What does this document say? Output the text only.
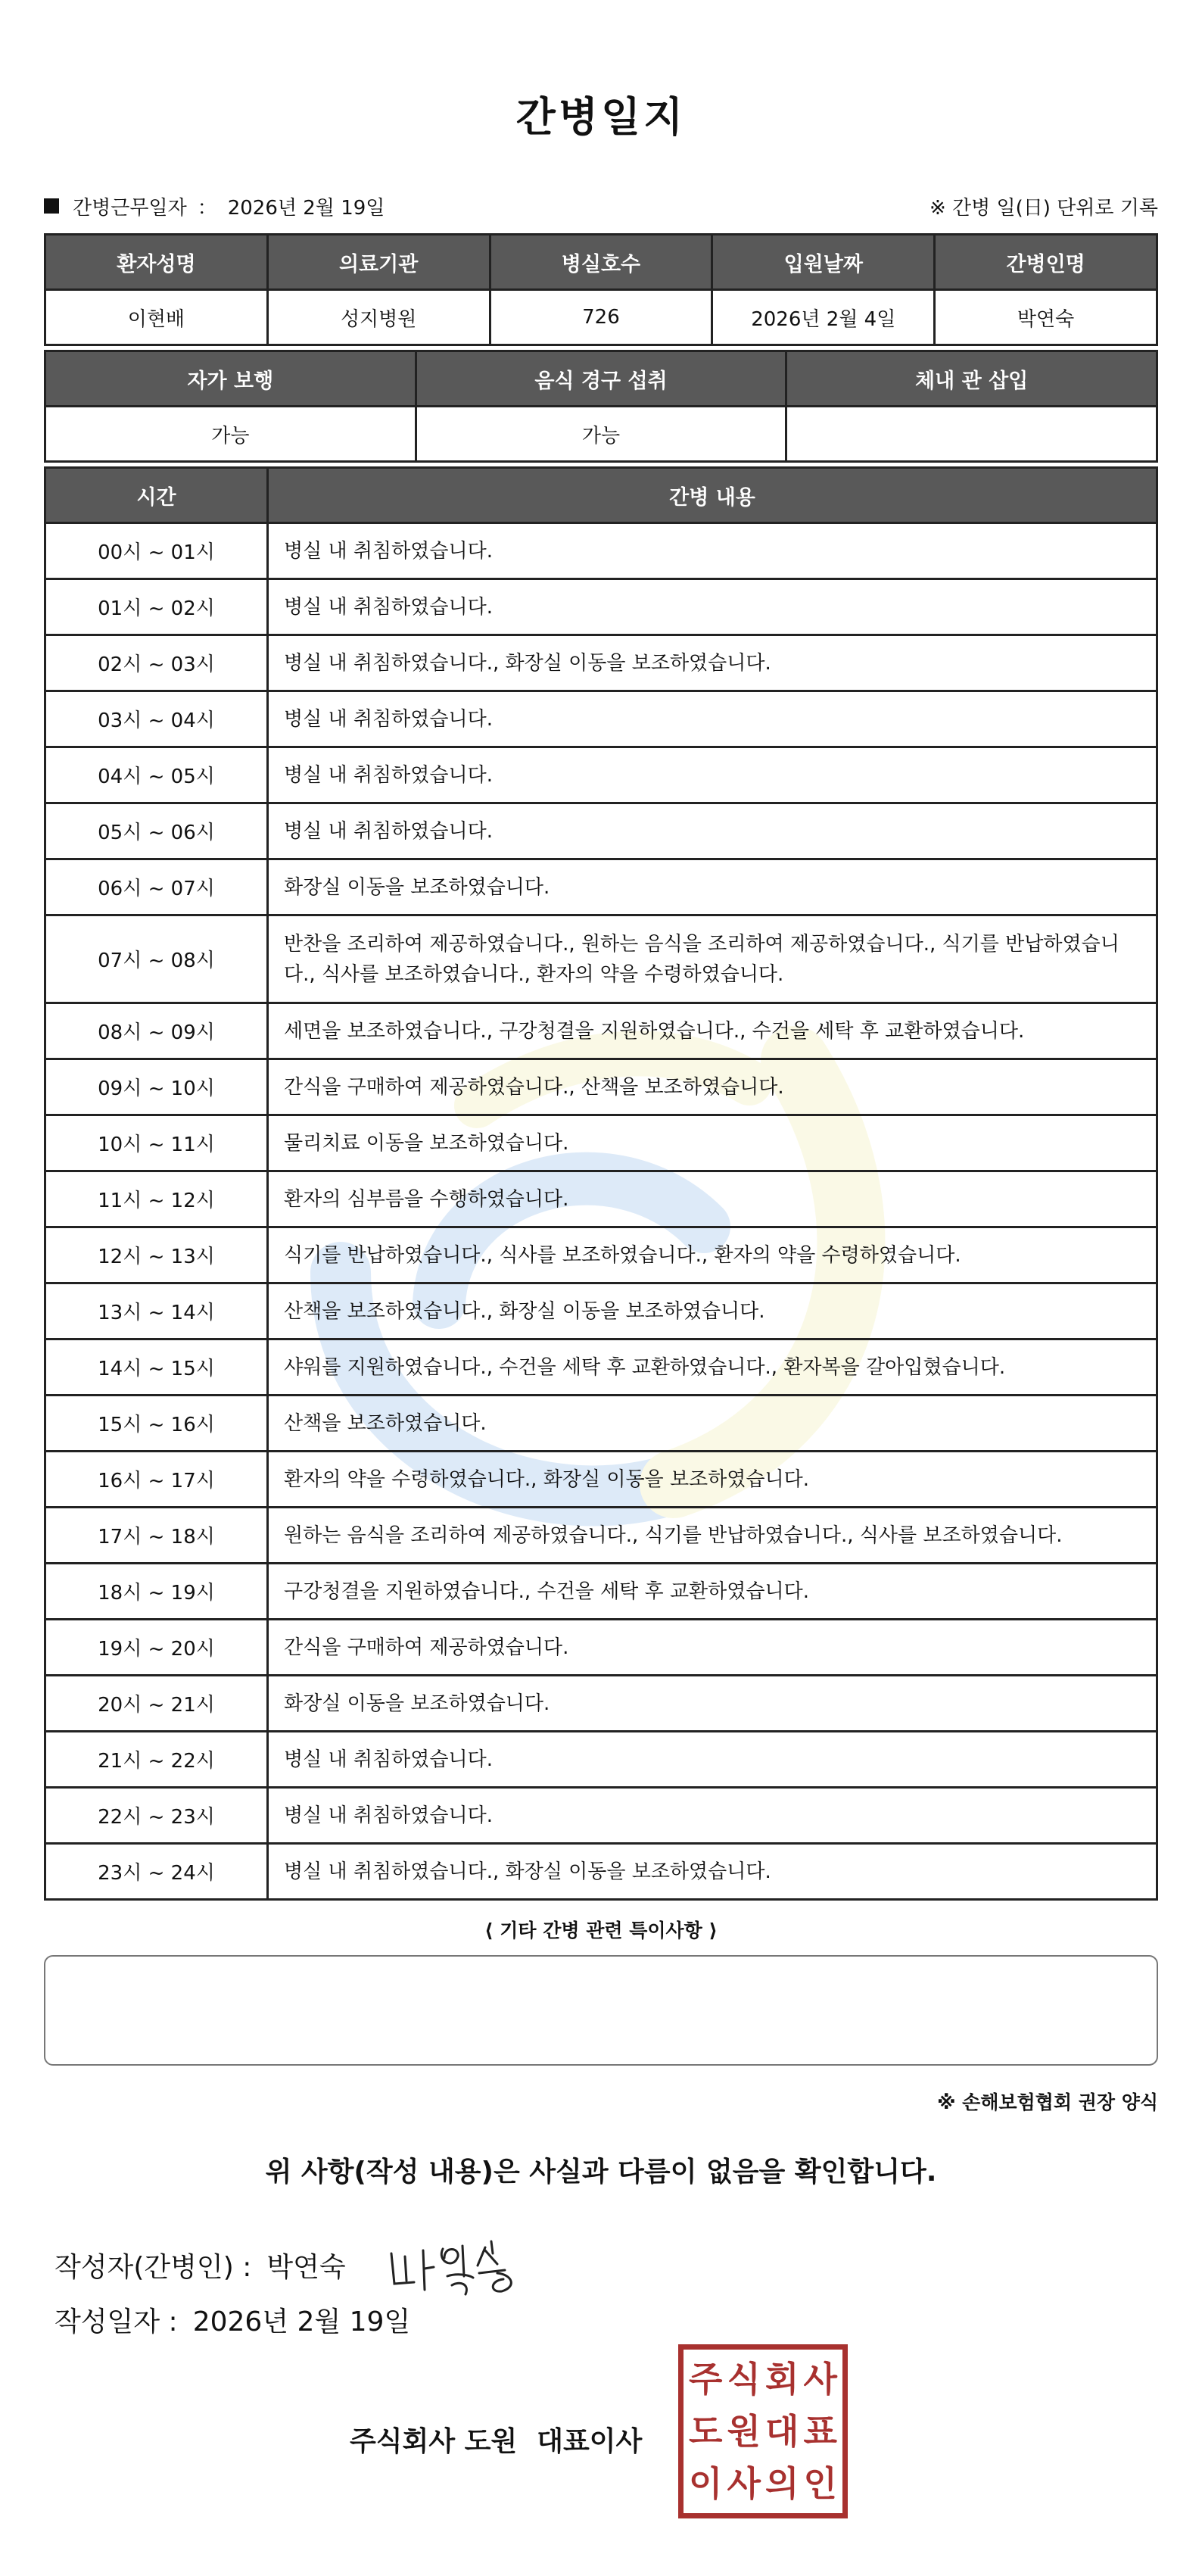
간병일지
간병근무일자 ： 2026년 2월 19일	※ 간병 일(日) 단위로 기록
환자성명	의료기관	병실호수	입원날짜	간병인명
이현배	성지병원	726	2026년 2월 4일	박연숙
자가 보행	음식 경구 섭취	체내 관 삽입
가능	가능	
시간	간병 내용
00시 ~ 01시	병실 내 취침하였습니다.
01시 ~ 02시	병실 내 취침하였습니다.
02시 ~ 03시	병실 내 취침하였습니다., 화장실 이동을 보조하였습니다.
03시 ~ 04시	병실 내 취침하였습니다.
04시 ~ 05시	병실 내 취침하였습니다.
05시 ~ 06시	병실 내 취침하였습니다.
06시 ~ 07시	화장실 이동을 보조하였습니다.
07시 ~ 08시	반찬을 조리하여 제공하였습니다., 원하는 음식을 조리하여 제공하였습니다., 식기를 반납하였습니다., 식사를 보조하였습니다., 환자의 약을 수령하였습니다.
08시 ~ 09시	세면을 보조하였습니다., 구강청결을 지원하였습니다., 수건을 세탁 후 교환하였습니다.
09시 ~ 10시	간식을 구매하여 제공하였습니다., 산책을 보조하였습니다.
10시 ~ 11시	물리치료 이동을 보조하였습니다.
11시 ~ 12시	환자의 심부름을 수행하였습니다.
12시 ~ 13시	식기를 반납하였습니다., 식사를 보조하였습니다., 환자의 약을 수령하였습니다.
13시 ~ 14시	산책을 보조하였습니다., 화장실 이동을 보조하였습니다.
14시 ~ 15시	샤워를 지원하였습니다., 수건을 세탁 후 교환하였습니다., 환자복을 갈아입혔습니다.
15시 ~ 16시	산책을 보조하였습니다.
16시 ~ 17시	환자의 약을 수령하였습니다., 화장실 이동을 보조하였습니다.
17시 ~ 18시	원하는 음식을 조리하여 제공하였습니다., 식기를 반납하였습니다., 식사를 보조하였습니다.
18시 ~ 19시	구강청결을 지원하였습니다., 수건을 세탁 후 교환하였습니다.
19시 ~ 20시	간식을 구매하여 제공하였습니다.
20시 ~ 21시	화장실 이동을 보조하였습니다.
21시 ~ 22시	병실 내 취침하였습니다.
22시 ~ 23시	병실 내 취침하였습니다.
23시 ~ 24시	병실 내 취침하였습니다., 화장실 이동을 보조하였습니다.
⟨ 기타 간병 관련 특이사항 ⟩
※ 손해보험협회 권장 양식
위 사항(작성 내용)은 사실과 다름이 없음을 확인합니다.
작성자(간병인) : 박연숙
작성일자 : 2026년 2월 19일
주식회사 도원 대표이사
주 식 회 사
도 원 대 표
이 사 의 인
